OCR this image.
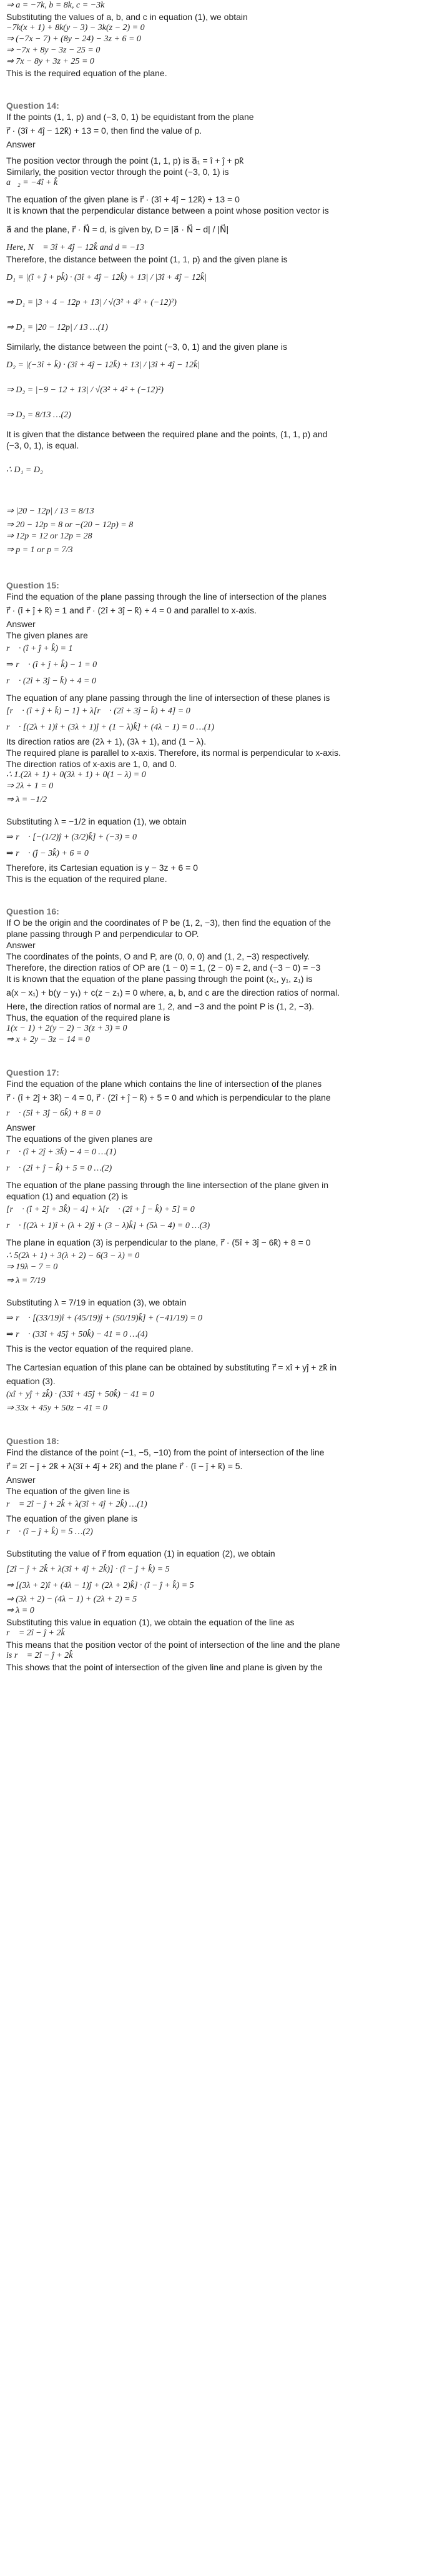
⇒ a = −7k, b = 8k, c = −3k

Substituting the values of a, b, and c in equation (1), we obtain

−7k(x + 1) + 8k(y − 3) − 3k(z − 2) = 0

⇒ (−7x − 7) + (8y − 24) − 3z + 6 = 0

⇒ −7x + 8y − 3z − 25 = 0

⇒ 7x − 8y + 3z + 25 = 0

This is the required equation of the plane.

Question 14:

If the points (1, 1, p) and (−3, 0, 1) be equidistant from the plane

r⃗ · (3î + 4ĵ − 12k̂) + 13 = 0, then find the value of p.

Answer

The position vector through the point (1, 1, p) is a⃗₁ = î + ĵ + pk̂

Similarly, the position vector through the point (−3, 0, 1) is

a⃗₂ = −4î + k̂

The equation of the given plane is r⃗ · (3î + 4ĵ − 12k̂) + 13 = 0

It is known that the perpendicular distance between a point whose position vector is

a⃗ and the plane, r⃗ · N⃗ = d, is given by, D = |a⃗ · N⃗ − d| / |N⃗|

Here, N⃗ = 3î + 4ĵ − 12k̂ and d = −13

Therefore, the distance between the point (1, 1, p) and the given plane is

D₁ = |(î + ĵ + pk̂) · (3î + 4ĵ − 12k̂) + 13| / |3î + 4ĵ − 12k̂|

⇒ D₁ = |3 + 4 − 12p + 13| / √(3² + 4² + (−12)²)

⇒ D₁ = |20 − 12p| / 13 …(1)

Similarly, the distance between the point (−3, 0, 1) and the given plane is

D₂ = |(−3î + k̂) · (3î + 4ĵ − 12k̂) + 13| / |3î + 4ĵ − 12k̂|

⇒ D₂ = |−9 − 12 + 13| / √(3² + 4² + (−12)²)

⇒ D₂ = 8/13 …(2)

It is given that the distance between the required plane and the points, (1, 1, p) and

(−3, 0, 1), is equal.

∴ D₁ = D₂

⇒ |20 − 12p| / 13 = 8/13

⇒ 20 − 12p = 8 or −(20 − 12p) = 8

⇒ 12p = 12 or 12p = 28

⇒ p = 1 or p = 7/3

Question 15:

Find the equation of the plane passing through the line of intersection of the planes

r⃗ · (î + ĵ + k̂) = 1 and r⃗ · (2î + 3ĵ − k̂) + 4 = 0 and parallel to x-axis.

Answer

The given planes are

r⃗ · (î + ĵ + k̂) = 1

⇒ r⃗ · (î + ĵ + k̂) − 1 = 0

r⃗ · (2î + 3ĵ − k̂) + 4 = 0

The equation of any plane passing through the line of intersection of these planes is

[r⃗ · (î + ĵ + k̂) − 1] + λ[r⃗ · (2î + 3ĵ − k̂) + 4] = 0

r⃗ · [(2λ + 1)î + (3λ + 1)ĵ + (1 − λ)k̂] + (4λ − 1) = 0 …(1)

Its direction ratios are (2λ + 1), (3λ + 1), and (1 − λ).

The required plane is parallel to x-axis. Therefore, its normal is perpendicular to x-axis.

The direction ratios of x-axis are 1, 0, and 0.

∴ 1.(2λ + 1) + 0(3λ + 1) + 0(1 − λ) = 0

⇒ 2λ + 1 = 0

⇒ λ = −1/2

Substituting λ = −1/2 in equation (1), we obtain

⇒ r⃗ · [−(1/2)ĵ + (3/2)k̂] + (−3) = 0

⇒ r⃗ · (ĵ − 3k̂) + 6 = 0

Therefore, its Cartesian equation is y − 3z + 6 = 0

This is the equation of the required plane.

Question 16:

If O be the origin and the coordinates of P be (1, 2, −3), then find the equation of the

plane passing through P and perpendicular to OP.

Answer

The coordinates of the points, O and P, are (0, 0, 0) and (1, 2, −3) respectively.

Therefore, the direction ratios of OP are (1 − 0) = 1, (2 − 0) = 2, and (−3 − 0) = −3

It is known that the equation of the plane passing through the point (x₁, y₁, z₁) is

a(x − x₁) + b(y − y₁) + c(z − z₁) = 0 where, a, b, and c are the direction ratios of normal.

Here, the direction ratios of normal are 1, 2, and −3 and the point P is (1, 2, −3).

Thus, the equation of the required plane is

1(x − 1) + 2(y − 2) − 3(z + 3) = 0

⇒ x + 2y − 3z − 14 = 0

Question 17:

Find the equation of the plane which contains the line of intersection of the planes

r⃗ · (î + 2ĵ + 3k̂) − 4 = 0, r⃗ · (2î + ĵ − k̂) + 5 = 0 and which is perpendicular to the plane

r⃗ · (5î + 3ĵ − 6k̂) + 8 = 0

Answer

The equations of the given planes are

r⃗ · (î + 2ĵ + 3k̂) − 4 = 0 …(1)

r⃗ · (2î + ĵ − k̂) + 5 = 0 …(2)

The equation of the plane passing through the line intersection of the plane given in

equation (1) and equation (2) is

[r⃗ · (î + 2ĵ + 3k̂) − 4] + λ[r⃗ · (2î + ĵ − k̂) + 5] = 0

r⃗ · [(2λ + 1)î + (λ + 2)ĵ + (3 − λ)k̂] + (5λ − 4) = 0 …(3)

The plane in equation (3) is perpendicular to the plane, r⃗ · (5î + 3ĵ − 6k̂) + 8 = 0

∴ 5(2λ + 1) + 3(λ + 2) − 6(3 − λ) = 0

⇒ 19λ − 7 = 0

⇒ λ = 7/19

Substituting λ = 7/19 in equation (3), we obtain

⇒ r⃗ · [(33/19)î + (45/19)ĵ + (50/19)k̂] + (−41/19) = 0

⇒ r⃗ · (33î + 45ĵ + 50k̂) − 41 = 0 …(4)

This is the vector equation of the required plane.

The Cartesian equation of this plane can be obtained by substituting r⃗ = xî + yĵ + zk̂ in

equation (3).

(xî + yĵ + zk̂) · (33î + 45ĵ + 50k̂) − 41 = 0

⇒ 33x + 45y + 50z − 41 = 0

Question 18:

Find the distance of the point (−1, −5, −10) from the point of intersection of the line

r⃗ = 2î − ĵ + 2k̂ + λ(3î + 4ĵ + 2k̂) and the plane r⃗ · (î − ĵ + k̂) = 5.

Answer

The equation of the given line is

r⃗ = 2î − ĵ + 2k̂ + λ(3î + 4ĵ + 2k̂) …(1)

The equation of the given plane is

r⃗ · (î − ĵ + k̂) = 5 …(2)

Substituting the value of r⃗ from equation (1) in equation (2), we obtain

[2î − ĵ + 2k̂ + λ(3î + 4ĵ + 2k̂)] · (î − ĵ + k̂) = 5

⇒ [(3λ + 2)î + (4λ − 1)ĵ + (2λ + 2)k̂] · (î − ĵ + k̂) = 5

⇒ (3λ + 2) − (4λ − 1) + (2λ + 2) = 5

⇒ λ = 0

Substituting this value in equation (1), we obtain the equation of the line as

r⃗ = 2î − ĵ + 2k̂

This means that the position vector of the point of intersection of the line and the plane

is r⃗ = 2î − ĵ + 2k̂

This shows that the point of intersection of the given line and plane is given by the
